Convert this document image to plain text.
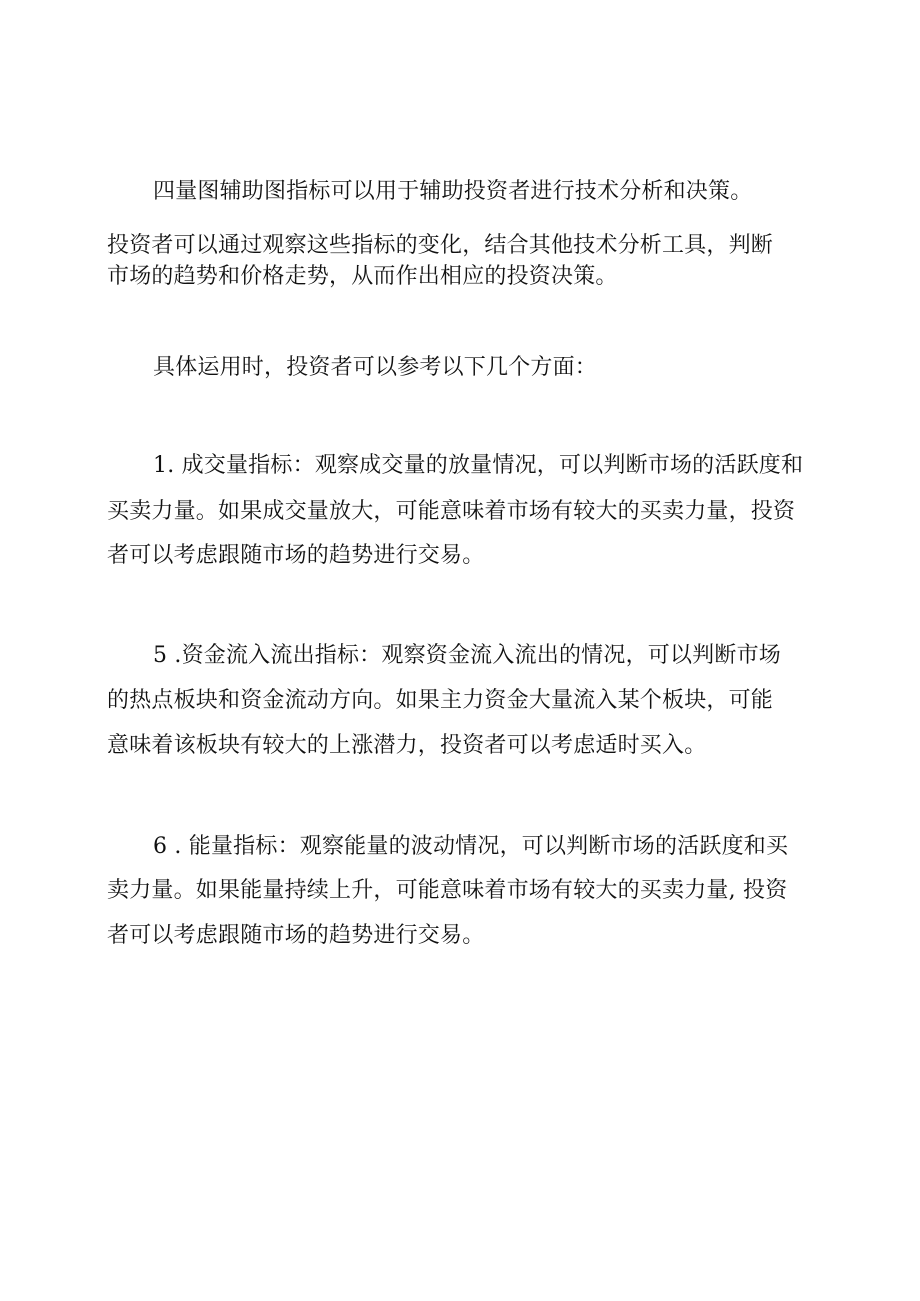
四量图辅助图指标可以用于辅助投资者进行技术分析和决策。
投资者可以通过观察这些指标的变化，结合其他技术分析工具，判断
市场的趋势和价格走势，从而作出相应的投资决策。
具体运用时，投资者可以参考以下几个方面：
1. 成交量指标：观察成交量的放量情况，可以判断市场的活跃度和
买卖力量。如果成交量放大，可能意味着市场有较大的买卖力量，投资
者可以考虑跟随市场的趋势进行交易。
5 .资金流入流出指标：观察资金流入流出的情况，可以判断市场
的热点板块和资金流动方向。如果主力资金大量流入某个板块，可能
意味着该板块有较大的上涨潜力，投资者可以考虑适时买入。
6 . 能量指标：观察能量的波动情况，可以判断市场的活跃度和买
卖力量。如果能量持续上升，可能意味着市场有较大的买卖力量, 投资
者可以考虑跟随市场的趋势进行交易。
